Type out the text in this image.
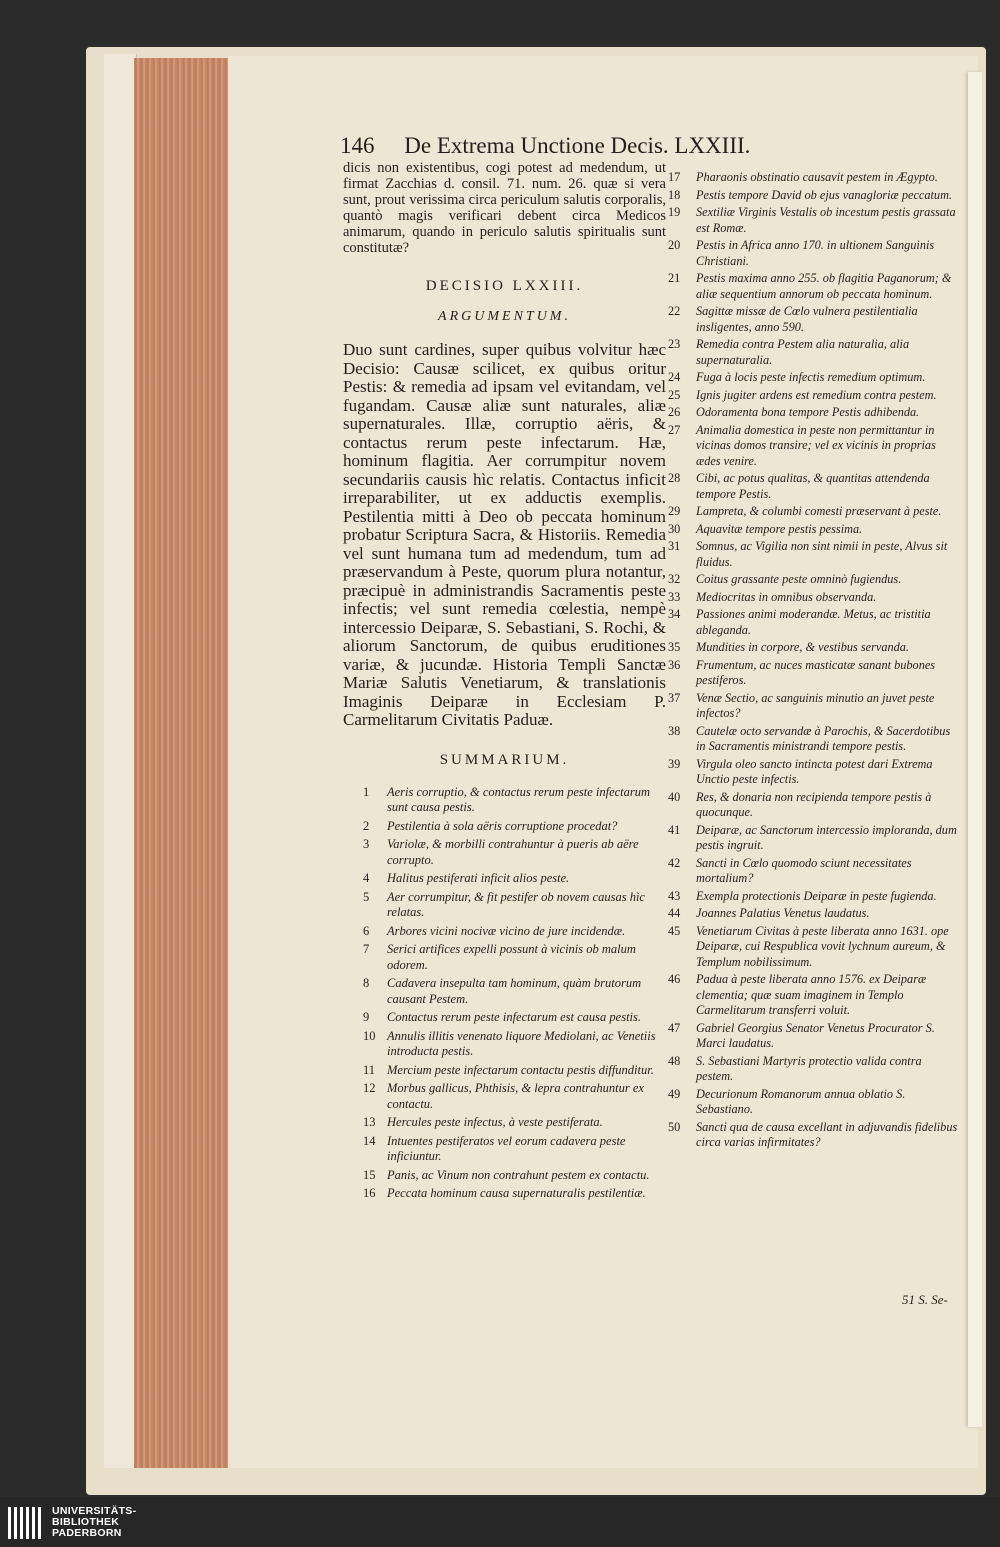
146 De Extrema Unctione Decis. LXXIII.

dicis non existentibus, cogi potest ad medendum, ut firmat Zacchias d. consil. 71. num. 26. quæ si vera sunt, prout verissima circa periculum salutis corporalis, quantò magis verificari debent circa Medicos animarum, quando in periculo salutis spiritualis sunt constitutæ?

DECISIO LXXIII.
ARGUMENTUM.

Duo sunt cardines, super quibus volvitur hæc Decisio: Causæ scilicet, ex quibus oritur Pestis: & remedia ad ipsam vel evitandam, vel fugandam. Causæ aliæ sunt naturales, aliæ supernaturales. Illæ, corruptio aëris, & contactus rerum peste infectarum. Hæ, hominum flagitia. Aer corrumpitur novem secundariis causis hìc relatis. Contactus inficit irreparabiliter, ut ex adductis exemplis. Pestilentia mitti à Deo ob peccata hominum probatur Scriptura Sacra, & Historiis. Remedia vel sunt humana tum ad medendum, tum ad præservandum à Peste, quorum plura notantur, præcipuè in administrandis Sacramentis peste infectis; vel sunt remedia cœlestia, nempè intercessio Deiparæ, S. Sebastiani, S. Rochi, & aliorum Sanctorum, de quibus eruditiones variæ, & jucundæ. Historia Templi Sanctæ Mariæ Salutis Venetiarum, & translationis Imaginis Deiparæ in Ecclesiam P. Carmelitarum Civitatis Paduæ.

SUMMARIUM.
1	Aeris corruptio, & contactus rerum peste infectarum sunt causa pestis.
2	Pestilentia à sola aëris corruptione procedat?
3	Variolæ, & morbilli contrahuntur à pueris ab aëre corrupto.
4	Halitus pestiferati inficit alios peste.
5	Aer corrumpitur, & fit pestifer ob novem causas hìc relatas.
6	Arbores vicini nocivæ vicino de jure incidendæ.
7	Serici artifices expelli possunt à vicinis ob malum odorem.
8	Cadavera insepulta tam hominum, quàm brutorum causant Pestem.
9	Contactus rerum peste infectarum est causa pestis.
10 Annulis illitis venenato liquore Mediolani, ac Venetiis introducta pestis.
11 Mercium peste infectarum contactu pestis diffunditur.
12 Morbus gallicus, Phthisis, & lepra contrahuntur ex contactu.
13 Hercules peste infectus, à veste pestiferata.
14 Intuentes pestiferatos vel eorum cadavera peste inficiuntur.
15 Panis, ac Vinum non contrahunt pestem ex contactu.
16 Peccata hominum causa supernaturalis pestilentiæ.
17	Pharaonis obstinatio causavit pestem in Ægypto.
18	Pestis tempore David ob ejus vanagloriæ peccatum.
19	Sextiliæ Virginis Vestalis ob incestum pestis grassata est Romæ.
20	Pestis in Africa anno 170. in ultionem Sanguinis Christiani.
21	Pestis maxima anno 255. ob flagitia Paganorum; & aliæ sequentium annorum ob peccata hominum.
22	Sagittæ missæ de Cœlo vulnera pestilentialia insligentes, anno 590.
23	Remedia contra Pestem alia naturalia, alia supernaturalia.
24	Fuga à locis peste infectis remedium optimum.
25	Ignis jugiter ardens est remedium contra pestem.
26	Odoramenta bona tempore Pestis adhibenda.
27	Animalia domestica in peste non permittantur in vicinas domos transire; vel ex vicinis in proprias ædes venire.
28	Cibi, ac potus qualitas, & quantitas attendenda tempore Pestis.
29	Lampreta, & columbi comesti præservant à peste.
30	Aquavitæ tempore pestis pessima.
31	Somnus, ac Vigilia non sint nimii in peste, Alvus sit fluidus.
32	Coitus grassante peste omninò fugiendus.
33	Mediocritas in omnibus observanda.
34	Passiones animi moderandæ. Metus, ac tristitia ableganda.
35	Mundities in corpore, & vestibus servanda.
36	Frumentum, ac nuces masticatæ sanant bubones pestiferos.
37	Venæ Sectio, ac sanguinis minutio an juvet peste infectos?
38	Cautelæ octo servandæ à Parochis, & Sacerdotibus in Sacramentis ministrandi tempore pestis.
39	Virgula oleo sancto intincta potest dari Extrema Unctio peste infectis.
40	Res, & donaria non recipienda tempore pestis à quocunque.
41	Deiparæ, ac Sanctorum intercessio imploranda, dum pestis ingruit.
42	Sancti in Cœlo quomodo sciunt necessitates mortalium?
43	Exempla protectionis Deiparæ in peste fugienda.
44	Joannes Palatius Venetus laudatus.
45	Venetiarum Civitas à peste liberata anno 1631. ope Deiparæ, cui Respublica vovit lychnum aureum, & Templum nobilissimum.
46	Padua à peste liberata anno 1576. ex Deiparæ clementia; quæ suam imaginem in Templo Carmelitarum transferri voluit.
47	Gabriel Georgius Senator Venetus Procurator S. Marci laudatus.
48	S. Sebastiani Martyris protectio valida contra pestem.
49	Decurionum Romanorum annua oblatio S. Sebastiano.
50	Sancti qua de causa excellant in adjuvandis fidelibus circa varias infirmitates?
51 S. Se-
UNIVERSITÄTS-
BIBLIOTHEK
PADERBORN
